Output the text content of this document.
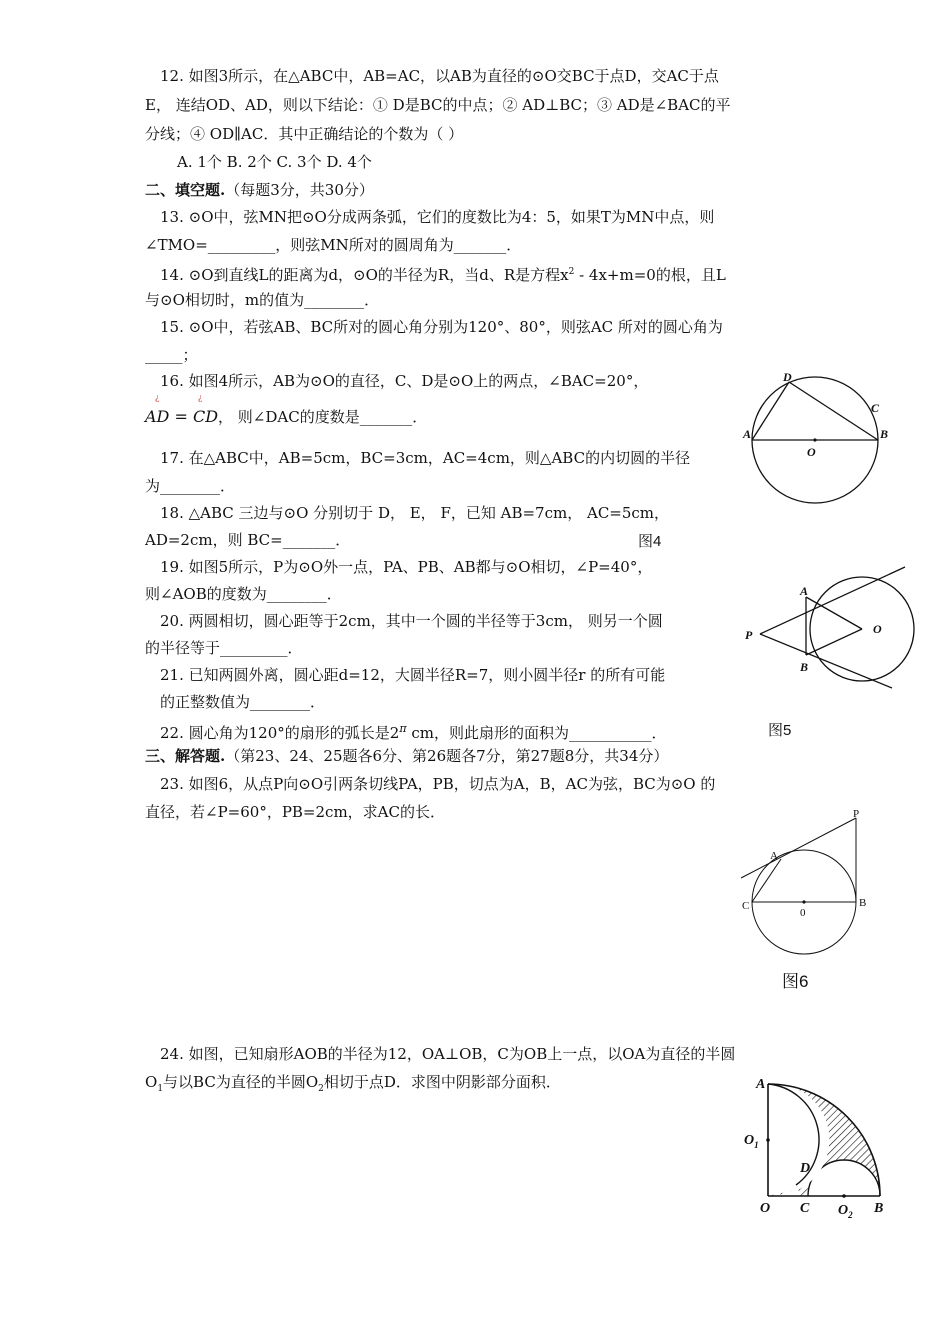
12. 如图3所示，在△ABC中，AB=AC，以AB为直径的⊙O交BC于点D，交AC于点
E， 连结OD、AD，则以下结论：① D是BC的中点；② AD⊥BC；③ AD是∠BAC的平
分线；④ OD∥AC．其中正确结论的个数为（ ）
A. 1个 B. 2个 C. 3个 D. 4个
二、填空题.（每题3分，共30分）
13. ⊙O中，弦MN把⊙O分成两条弧，它们的度数比为4：5，如果T为MN中点，则
∠TMO=_________，则弦MN所对的圆周角为_______．
14. ⊙O到直线L的距离为d，⊙O的半径为R，当d、R是方程$x^2 - 4x+m=0$的根，且L
与⊙O相切时，m的值为________．
15. ⊙O中，若弦AB、BC所对的圆心角分别为120°、80°，则弦AC 所对的圆心角为
_____；
16. 如图4所示，AB为⊙O的直径，C、D是⊙O上的两点，∠BAC=20°，
¿	¿
AD = CD， 则∠DAC的度数是_______．
17. 在△ABC中，AB=5cm，BC=3cm，AC=4cm，则△ABC的内切圆的半径
为________．
18. △ABC 三边与⊙O 分别切于 D， E， F，已知 AB=7cm， AC=5cm，
AD=2cm，则 BC=_______．	图4
19. 如图5所示，P为⊙O外一点，PA、PB、AB都与⊙O相切，∠P=40°，
则∠AOB的度数为________．
20. 两圆相切，圆心距等于2cm，其中一个圆的半径等于3cm， 则另一个圆
的半径等于_________．
21. 已知两圆外离，圆心距d=12，大圆半径R=7，则小圆半径r 的所有可能
的正整数值为________．
22. 圆心角为120°的扇形的弧长是$2^\pi$ cm，则此扇形的面积为___________．	图5
三、解答题.（第23、24、25题各6分、第26题各7分，第27题8分，共34分）
23. 如图6，从点P向⊙O引两条切线PA，PB，切点为A，B，AC为弦，BC为⊙O 的
直径，若∠P=60°，PB=2cm，求AC的长．
图6
24. 如图，已知扇形AOB的半径为12，OA⊥OB，C为OB上一点，以OA为直径的半圆
$O_1$与以BC为直径的半圆$O_2$相切于点D．求图中阴影部分面积．
A	B
C
D
O
P
A
B
O
P
A
B
C
0
A
$O_1$
D
O C $O_2$ B
